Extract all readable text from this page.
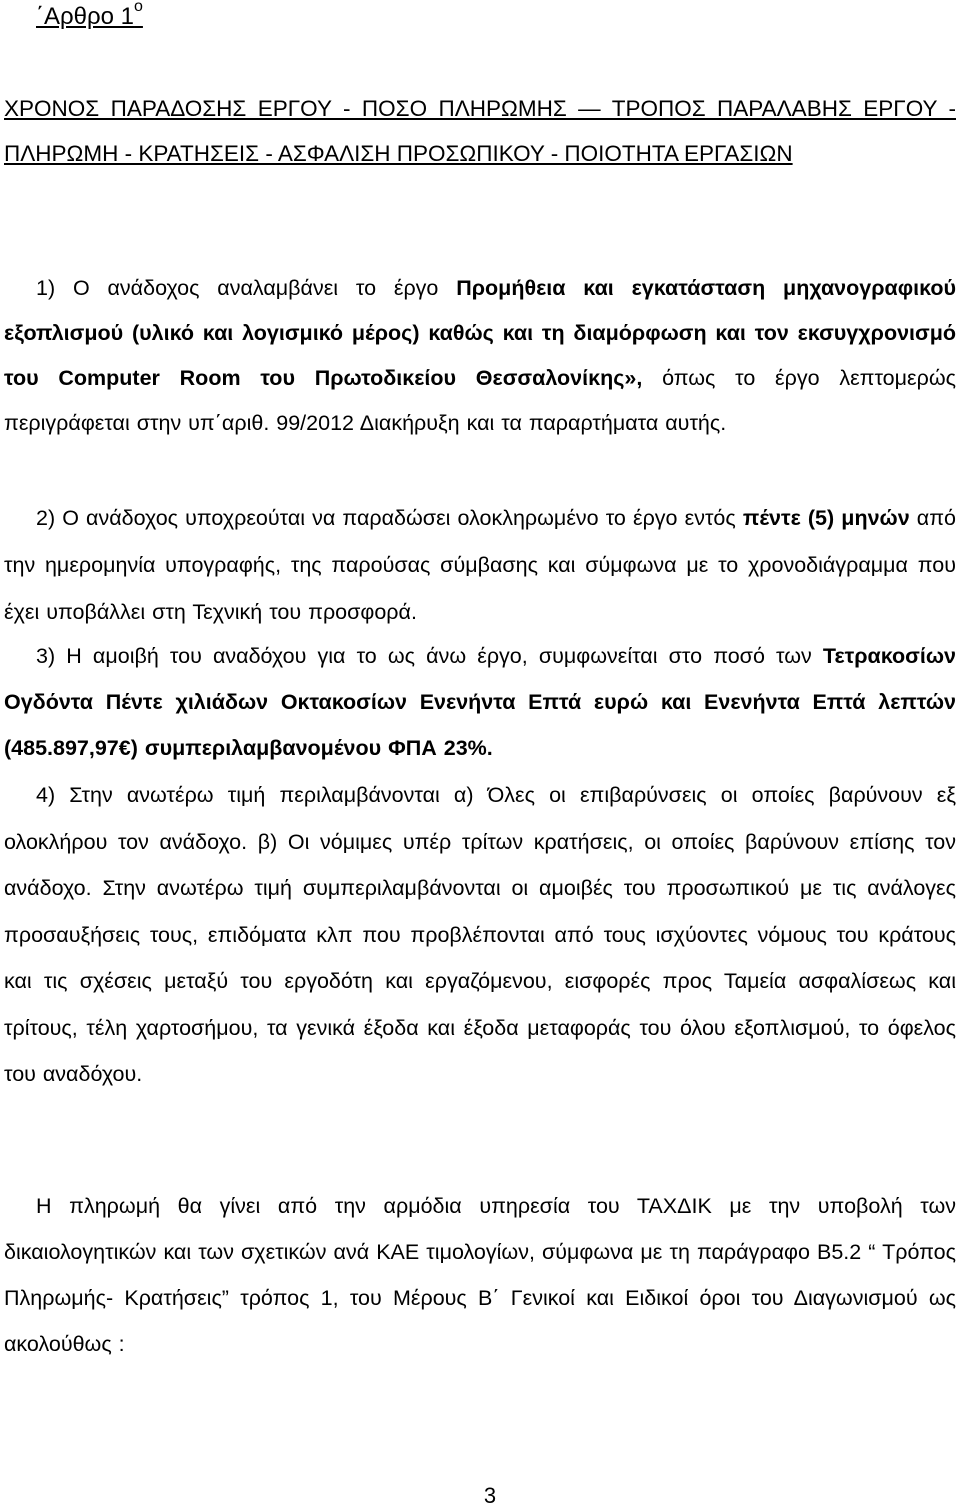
΄Αρθρο $1^o$
ΧΡΟΝΟΣ ΠΑΡΑΔΟΣΗΣ ΕΡΓΟΥ - ΠΟΣΟ ΠΛΗΡΩΜΗΣ — ΤΡΟΠΟΣ ΠΑΡΑΛΑΒΗΣ ΕΡΓΟΥ - ΠΛΗΡΩΜΗ - ΚΡΑΤΗΣΕΙΣ - ΑΣΦΑΛΙΣΗ ΠΡΟΣΩΠΙΚΟΥ - ΠΟΙΟΤΗΤΑ ΕΡΓΑΣΙΩΝ
1) Ο ανάδοχος αναλαμβάνει το έργο Προμήθεια και εγκατάσταση μηχανογραφικού εξοπλισμού (υλικό και λογισμικό μέρος) καθώς και τη διαμόρφωση και τον εκσυγχρονισμό του Computer Room του Πρωτοδικείου Θεσσαλονίκης», όπως το έργο λεπτομερώς περιγράφεται στην υπ΄αριθ. 99/2012 Διακήρυξη και τα παραρτήματα αυτής.
2) Ο ανάδοχος υποχρεούται να παραδώσει ολοκληρωμένο το έργο εντός πέντε (5) μηνών από την ημερομηνία υπογραφής, της παρούσας σύμβασης και σύμφωνα με το χρονοδιάγραμμα που έχει υποβάλλει στη Τεχνική του προσφορά.
3) Η αμοιβή του αναδόχου για το ως άνω έργο, συμφωνείται στο ποσό των Τετρακοσίων Ογδόντα Πέντε χιλιάδων Οκτακοσίων Ενενήντα Επτά ευρώ και Ενενήντα Επτά λεπτών (485.897,97€) συμπεριλαμβανομένου ΦΠΑ 23%.
4) Στην ανωτέρω τιμή περιλαμβάνονται α) Όλες οι επιβαρύνσεις οι οποίες βαρύνουν εξ ολοκλήρου τον ανάδοχο. β) Οι νόμιμες υπέρ τρίτων κρατήσεις, οι οποίες βαρύνουν επίσης τον ανάδοχο. Στην ανωτέρω τιμή συμπεριλαμβάνονται οι αμοιβές του προσωπικού με τις ανάλογες προσαυξήσεις τους, επιδόματα κλπ που προβλέπονται από τους ισχύοντες νόμους του κράτους και τις σχέσεις μεταξύ του εργοδότη και εργαζόμενου, εισφορές προς Ταμεία ασφαλίσεως και τρίτους, τέλη χαρτοσήμου, τα γενικά έξοδα και έξοδα μεταφοράς του όλου εξοπλισμού, το όφελος του αναδόχου.
Η πληρωμή θα γίνει από την αρμόδια υπηρεσία του ΤΑΧΔΙΚ με την υποβολή των δικαιολογητικών και των σχετικών ανά ΚΑΕ τιμολογίων, σύμφωνα με τη παράγραφο Β5.2 “ Τρόπος Πληρωμής- Κρατήσεις” τρόπος 1, του Μέρους Β΄ Γενικοί και Ειδικοί όροι του Διαγωνισμού ως ακολούθως :
3
